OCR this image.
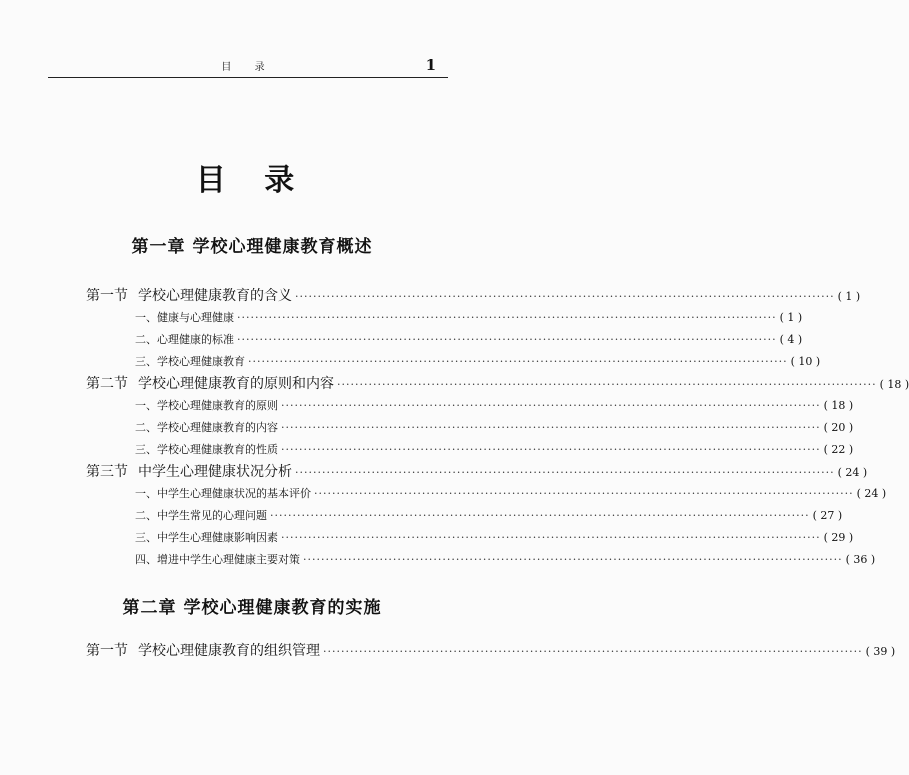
目 录	1
目 录
第一章 学校心理健康教育概述
第一节 学校心理健康教育的含义 ························································································································ ( 1 )
一、健康与心理健康 ························································································································ ( 1 )
二、心理健康的标准 ························································································································ ( 4 )
三、学校心理健康教育 ························································································································ ( 10 )
第二节 学校心理健康教育的原则和内容 ························································································································ ( 18 )
一、学校心理健康教育的原则 ························································································································ ( 18 )
二、学校心理健康教育的内容 ························································································································ ( 20 )
三、学校心理健康教育的性质 ························································································································ ( 22 )
第三节 中学生心理健康状况分析 ························································································································ ( 24 )
一、中学生心理健康状况的基本评价 ························································································································ ( 24 )
二、中学生常见的心理问题 ························································································································ ( 27 )
三、中学生心理健康影响因素 ························································································································ ( 29 )
四、增进中学生心理健康主要对策 ························································································································ ( 36 )
第二章 学校心理健康教育的实施
第一节 学校心理健康教育的组织管理 ························································································································ ( 39 )
